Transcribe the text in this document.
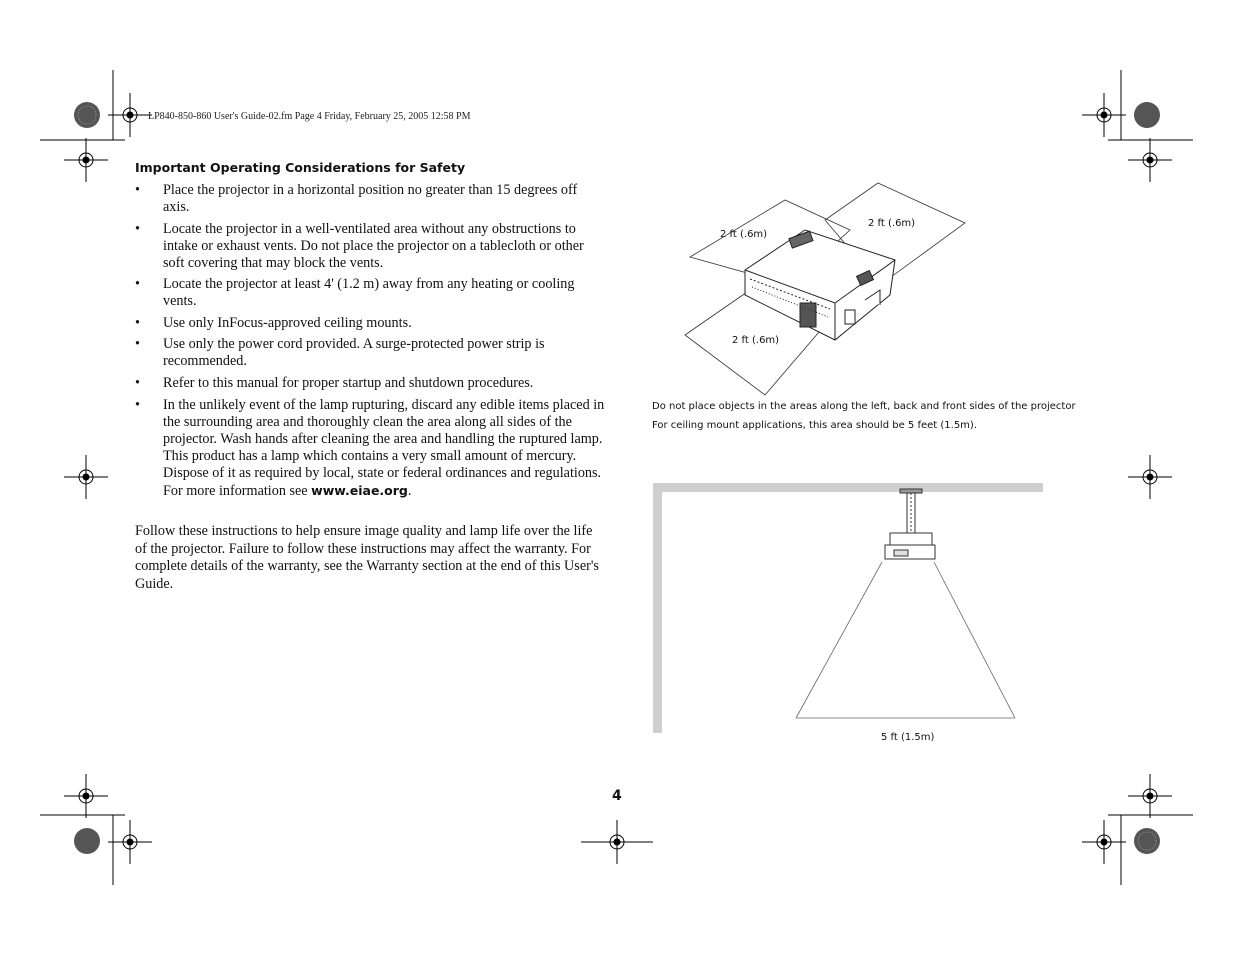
LP840-850-860 User's Guide-02.fm Page 4 Friday, February 25, 2005 12:58 PM
Important Operating Considerations for Safety
• Place the projector in a horizontal position no greater than 15 degrees off axis.
• Locate the projector in a well-ventilated area without any obstructions to intake or exhaust vents. Do not place the projector on a tablecloth or other soft covering that may block the vents.
• Locate the projector at least 4' (1.2 m) away from any heating or cooling vents.
• Use only InFocus-approved ceiling mounts.
• Use only the power cord provided. A surge-protected power strip is recommended.
• Refer to this manual for proper startup and shutdown procedures.
• In the unlikely event of the lamp rupturing, discard any edible items placed in the surrounding area and thoroughly clean the area along all sides of the projector. Wash hands after cleaning the area and handling the ruptured lamp. This product has a lamp which contains a very small amount of mercury. Dispose of it as required by local, state or federal ordinances and regulations. For more information see www.eiae.org.

Follow these instructions to help ensure image quality and lamp life over the life of the projector. Failure to follow these instructions may affect the warranty. For complete details of the warranty, see the Warranty section at the end of this User's Guide.

2 ft (.6m)
2 ft (.6m)
2 ft (.6m)
Do not place objects in the areas along the left, back and front sides of the projector
For ceiling mount applications, this area should be 5 feet (1.5m).
5 ft (1.5m)
4
